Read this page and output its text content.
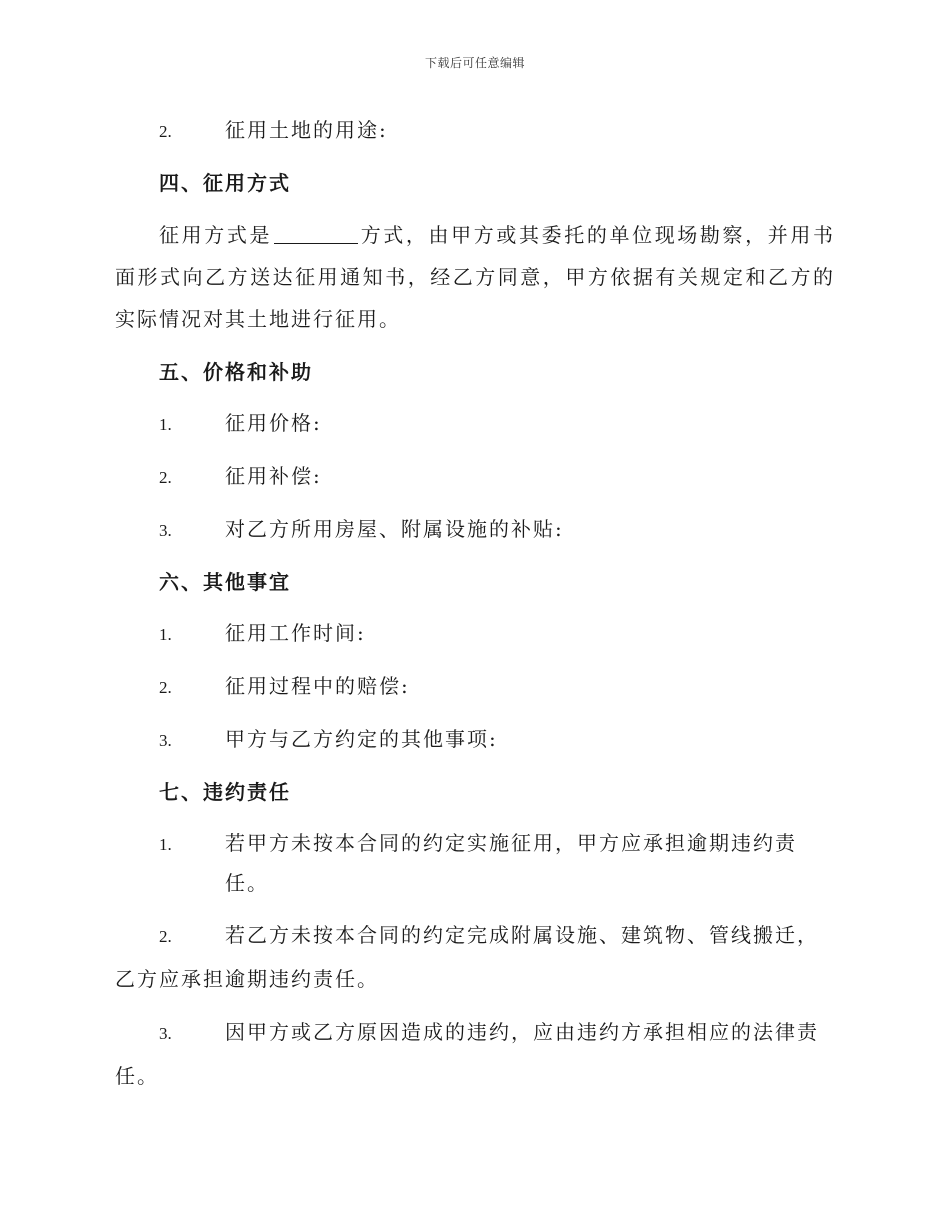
下载后可任意编辑
2.	征用土地的用途:
四、征用方式
征用方式是	方式，由甲方或其委托的单位现场勘察，并用书面形式向乙方送达征用通知书，经乙方同意，甲方依据有关规定和乙方的实际情况对其土地进行征用。
五、价格和补助
1.	征用价格:
2.	征用补偿:
3.	对乙方所用房屋、附属设施的补贴:
六、其他事宜
1.	征用工作时间:
2.	征用过程中的赔偿:
3.	甲方与乙方约定的其他事项:
七、违约责任
1.	若甲方未按本合同的约定实施征用，甲方应承担逾期违约责任。
2.	若乙方未按本合同的约定完成附属设施、建筑物、管线搬迁，乙方应承担逾期违约责任。
3.	因甲方或乙方原因造成的违约，应由违约方承担相应的法律责任。
